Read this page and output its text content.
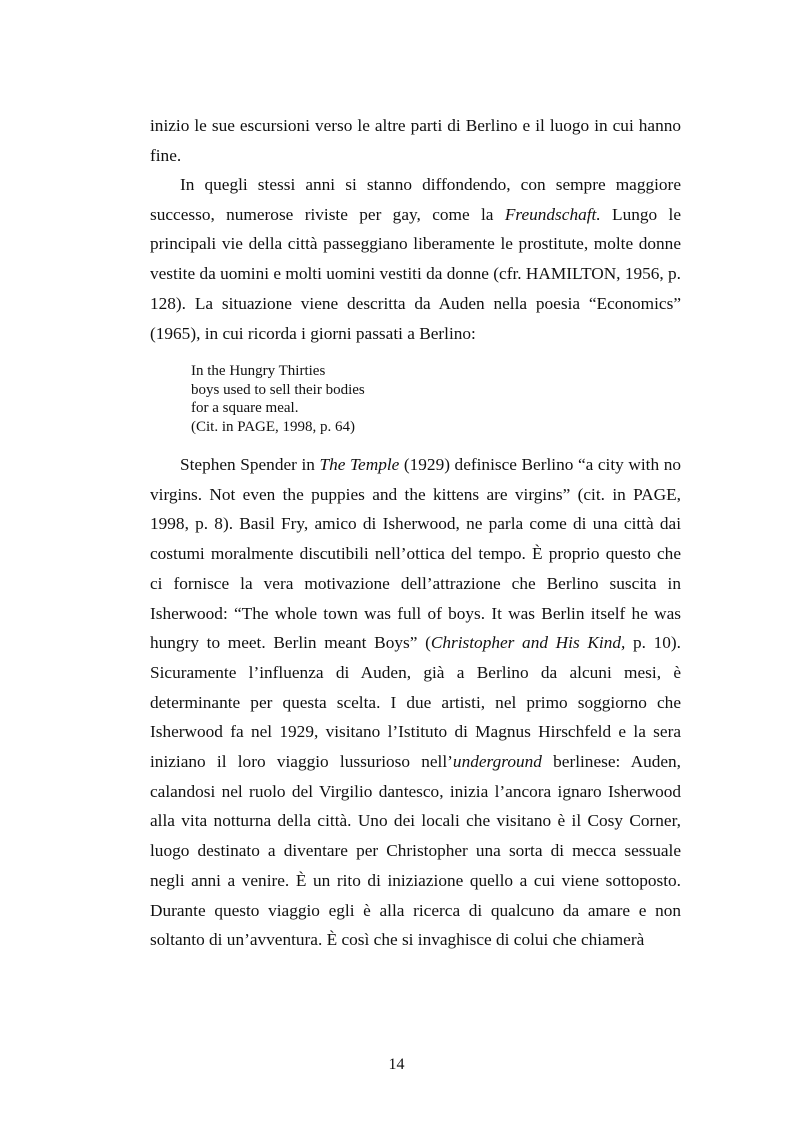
inizio le sue escursioni verso le altre parti di Berlino e il luogo in cui hanno fine.

In quegli stessi anni si stanno diffondendo, con sempre maggiore successo, numerose riviste per gay, come la Freundschaft. Lungo le principali vie della città passeggiano liberamente le prostitute, molte donne vestite da uomini e molti uomini vestiti da donne (cfr. HAMILTON, 1956, p. 128). La situazione viene descritta da Auden nella poesia “Economics” (1965), in cui ricorda i giorni passati a Berlino:

In the Hungry Thirties
boys used to sell their bodies
for a square meal.
(Cit. in PAGE, 1998, p. 64)

Stephen Spender in The Temple (1929) definisce Berlino “a city with no virgins. Not even the puppies and the kittens are virgins” (cit. in PAGE, 1998, p. 8). Basil Fry, amico di Isherwood, ne parla come di una città dai costumi moralmente discutibili nell’ottica del tempo. È proprio questo che ci fornisce la vera motivazione dell’attrazione che Berlino suscita in Isherwood: “The whole town was full of boys. It was Berlin itself he was hungry to meet. Berlin meant Boys” (Christopher and His Kind, p. 10). Sicuramente l’influenza di Auden, già a Berlino da alcuni mesi, è determinante per questa scelta. I due artisti, nel primo soggiorno che Isherwood fa nel 1929, visitano l’Istituto di Magnus Hirschfeld e la sera iniziano il loro viaggio lussurioso nell’underground berlinese: Auden, calandosi nel ruolo del Virgilio dantesco, inizia l’ancora ignaro Isherwood alla vita notturna della città. Uno dei locali che visitano è il Cosy Corner, luogo destinato a diventare per Christopher una sorta di mecca sessuale negli anni a venire. È un rito di iniziazione quello a cui viene sottoposto. Durante questo viaggio egli è alla ricerca di qualcuno da amare e non soltanto di un’avventura. È così che si invaghisce di colui che chiamerà

14
